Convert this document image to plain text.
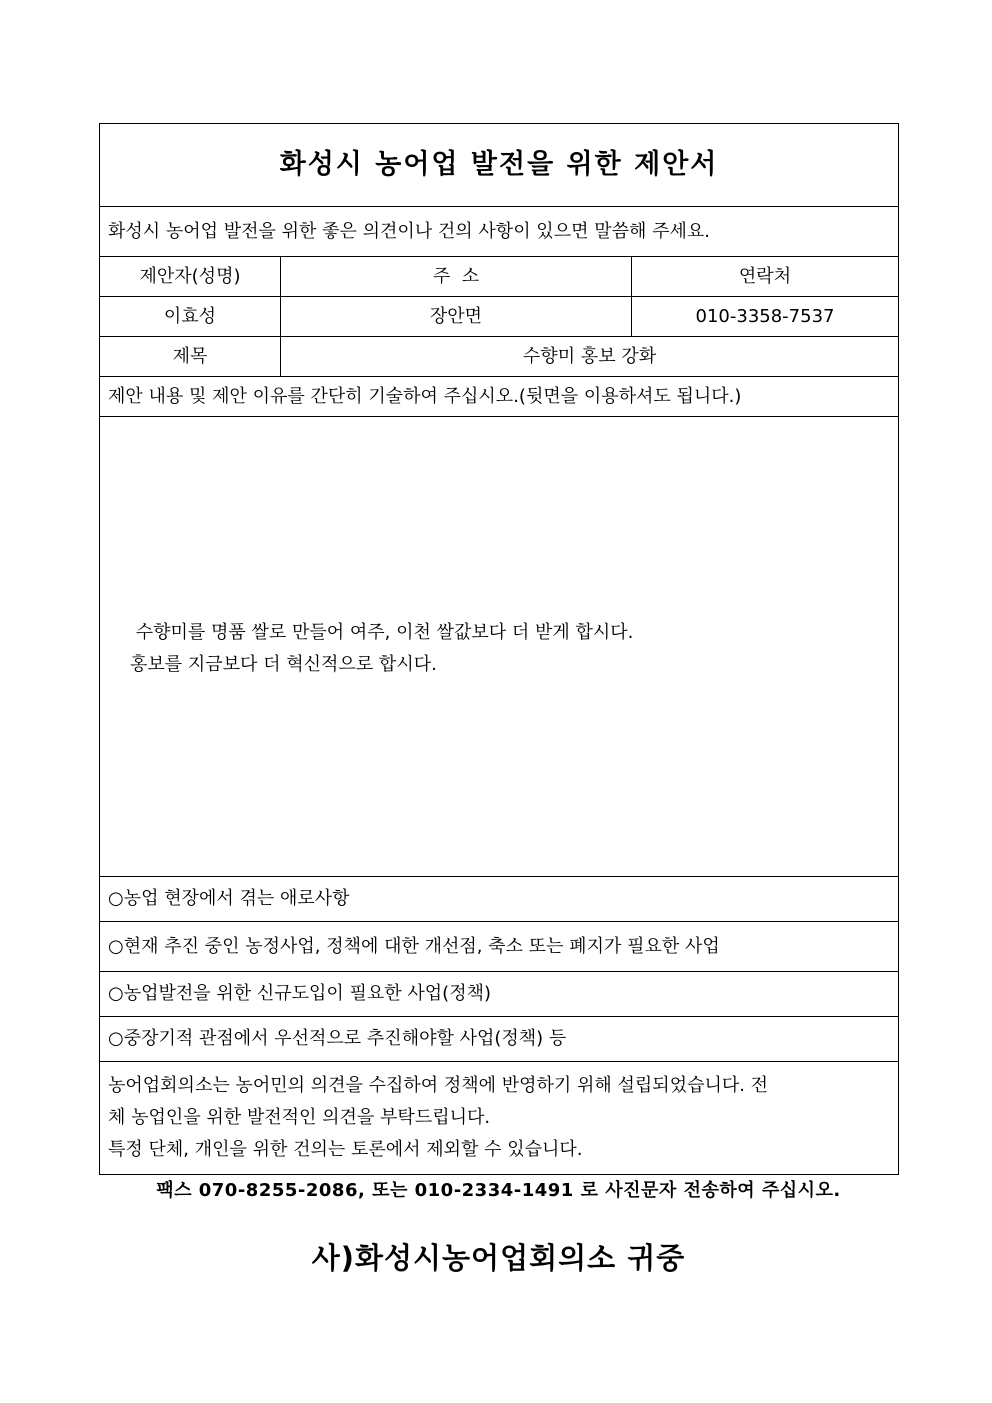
화성시 농어업 발전을 위한 제안서		
화성시 농어업 발전을 위한 좋은 의견이나 건의 사항이 있으면 말씀해 주세요.		
제안자(성명)	주  소	연락처
이효성	장안면	010-3358-7537
제목	수향미 홍보 강화	
제안 내용 및 제안 이유를 간단히 기술하여 주십시오.(뒷면을 이용하셔도 됩니다.)		

수향미를 명품 쌀로 만들어 여주, 이천 쌀값보다 더 받게 합시다.
홍보를 지금보다 더 혁신적으로 합시다.		

○농업 현장에서 겪는 애로사항		
○현재 추진 중인 농정사업, 정책에 대한 개선점, 축소 또는 폐지가 필요한 사업		
○농업발전을 위한 신규도입이 필요한 사업(정책)		
○중장기적 관점에서 우선적으로 추진해야할 사업(정책) 등		

농어업회의소는 농어민의 의견을 수집하여 정책에 반영하기 위해 설립되었습니다. 전
체 농업인을 위한 발전적인 의견을 부탁드립니다.
특정 단체, 개인을 위한 건의는 토론에서 제외할 수 있습니다.		
팩스 070-8255-2086, 또는 010-2334-1491 로 사진문자 전송하여 주십시오.
사)화성시농어업회의소 귀중
